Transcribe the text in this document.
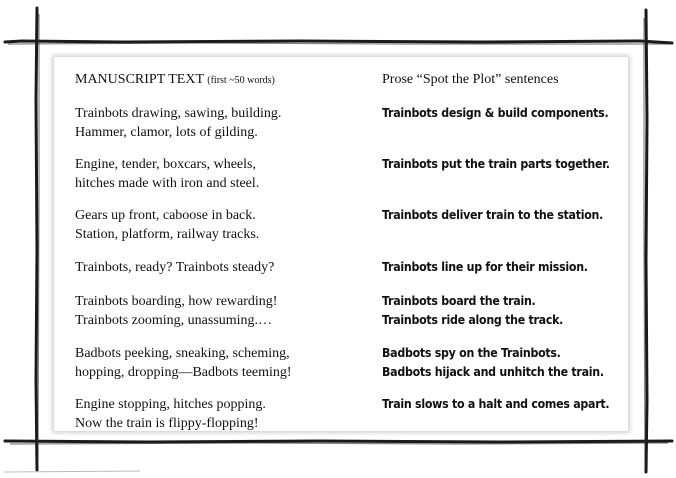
MANUSCRIPT TEXT (first ~50 words)	Prose “Spot the Plot” sentences
Trainbots drawing, sawing, building.
Hammer, clamor, lots of gilding.
Trainbots design & build components.
Engine, tender, boxcars, wheels,
hitches made with iron and steel.
Trainbots put the train parts together.
Gears up front, caboose in back.
Station, platform, railway tracks.
Trainbots deliver train to the station.
Trainbots, ready? Trainbots steady?	Trainbots line up for their mission.
Trainbots boarding, how rewarding!
Trainbots zooming, unassuming.…
Trainbots board the train.
Trainbots ride along the track.
Badbots peeking, sneaking, scheming,
hopping, dropping—Badbots teeming!
Badbots spy on the Trainbots.
Badbots hijack and unhitch the train.
Engine stopping, hitches popping.
Now the train is flippy-flopping!
Train slows to a halt and comes apart.
